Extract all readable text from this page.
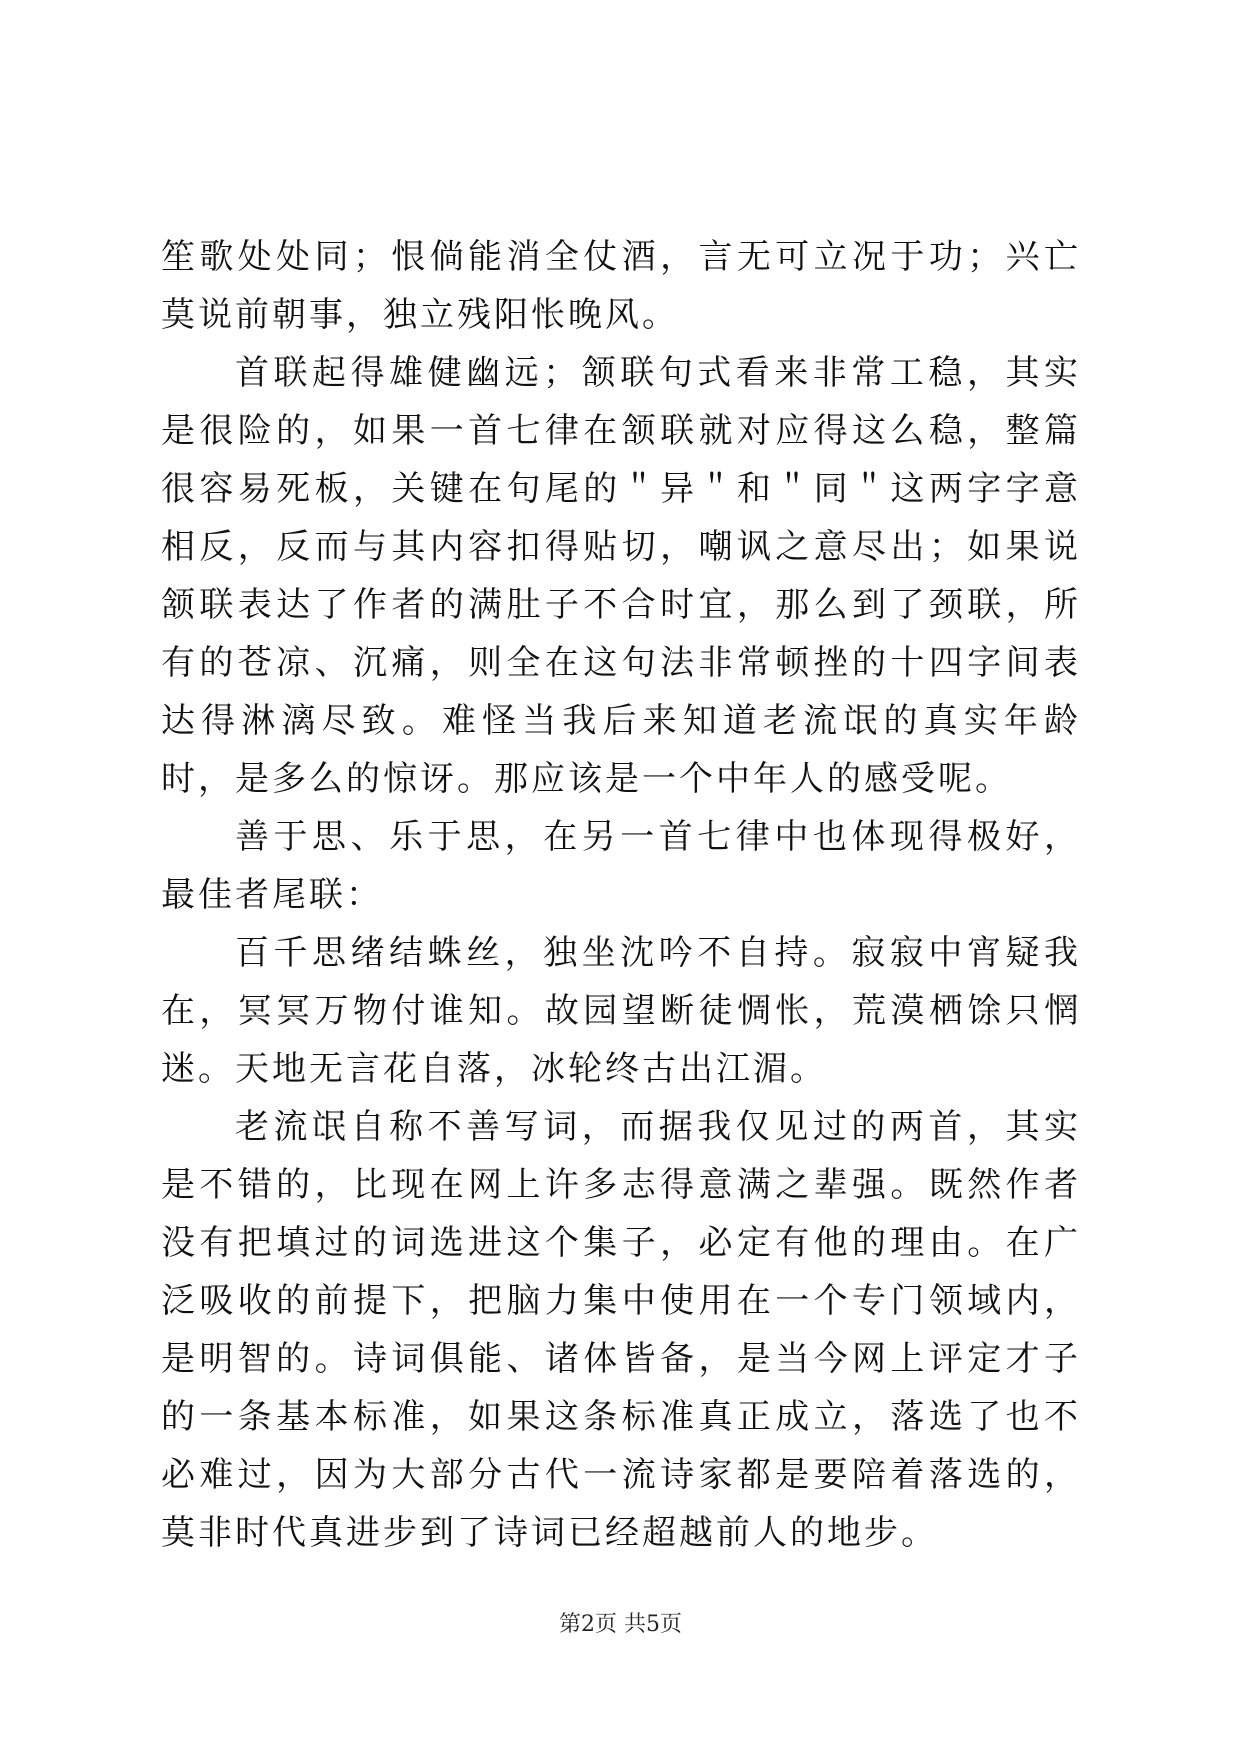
笙歌处处同；恨倘能消全仗酒，言无可立况于功；兴亡莫说前朝事，独立残阳怅晚风。

首联起得雄健幽远；颔联句式看来非常工稳，其实是很险的，如果一首七律在颔联就对应得这么稳，整篇很容易死板，关键在句尾的＂异＂和＂同＂这两字字意相反，反而与其内容扣得贴切，嘲讽之意尽出；如果说颔联表达了作者的满肚子不合时宜，那么到了颈联，所有的苍凉、沉痛，则全在这句法非常顿挫的十四字间表达得淋漓尽致。难怪当我后来知道老流氓的真实年龄时，是多么的惊讶。那应该是一个中年人的感受呢。

善于思、乐于思，在另一首七律中也体现得极好，最佳者尾联：

百千思绪结蛛丝，独坐沈吟不自持。寂寂中宵疑我在，冥冥万物付谁知。故园望断徒惆怅，荒漠栖馀只惘迷。天地无言花自落，冰轮终古出江湄。

老流氓自称不善写词，而据我仅见过的两首，其实是不错的，比现在网上许多志得意满之辈强。既然作者没有把填过的词选进这个集子，必定有他的理由。在广泛吸收的前提下，把脑力集中使用在一个专门领域内，是明智的。诗词俱能、诸体皆备，是当今网上评定才子的一条基本标准，如果这条标准真正成立，落选了也不必难过，因为大部分古代一流诗家都是要陪着落选的，莫非时代真进步到了诗词已经超越前人的地步。

第2页 共5页
